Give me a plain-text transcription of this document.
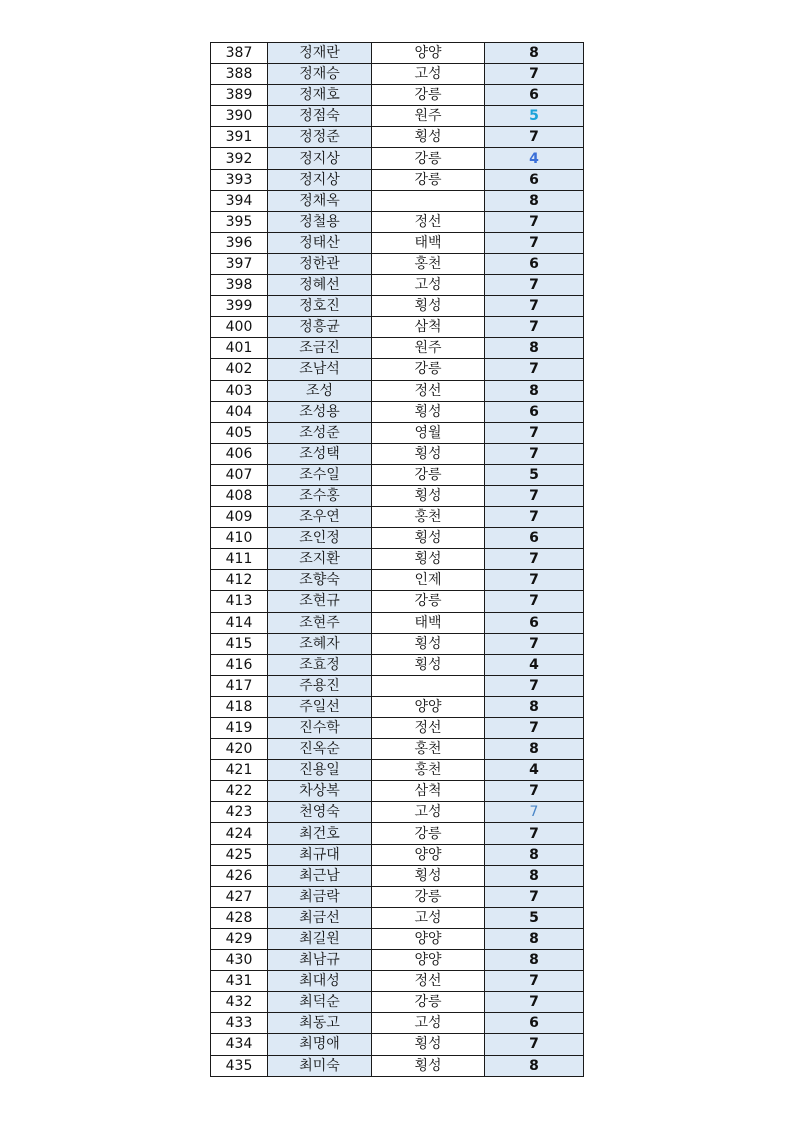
387	정재란	양양	8
388	정재승	고성	7
389	정재호	강릉	6
390	정점숙	원주	5
391	정정준	횡성	7
392	정지상	강릉	4
393	정지상	강릉	6
394	정채옥		8
395	정철용	정선	7
396	정태산	태백	7
397	정한관	홍천	6
398	정혜선	고성	7
399	정호진	횡성	7
400	정흥균	삼척	7
401	조금진	원주	8
402	조남석	강릉	7
403	조성	정선	8
404	조성용	횡성	6
405	조성준	영월	7
406	조성택	횡성	7
407	조수일	강릉	5
408	조수홍	횡성	7
409	조우연	홍천	7
410	조인정	횡성	6
411	조지환	횡성	7
412	조향숙	인제	7
413	조현규	강릉	7
414	조현주	태백	6
415	조혜자	횡성	7
416	조효정	횡성	4
417	주용진		7
418	주일선	양양	8
419	진수학	정선	7
420	진옥순	홍천	8
421	진용일	홍천	4
422	차상복	삼척	7
423	천영숙	고성	7
424	최건호	강릉	7
425	최규대	양양	8
426	최근남	횡성	8
427	최금락	강릉	7
428	최금선	고성	5
429	최길원	양양	8
430	최남규	양양	8
431	최대성	정선	7
432	최덕순	강릉	7
433	최동고	고성	6
434	최명애	횡성	7
435	최미숙	횡성	8
